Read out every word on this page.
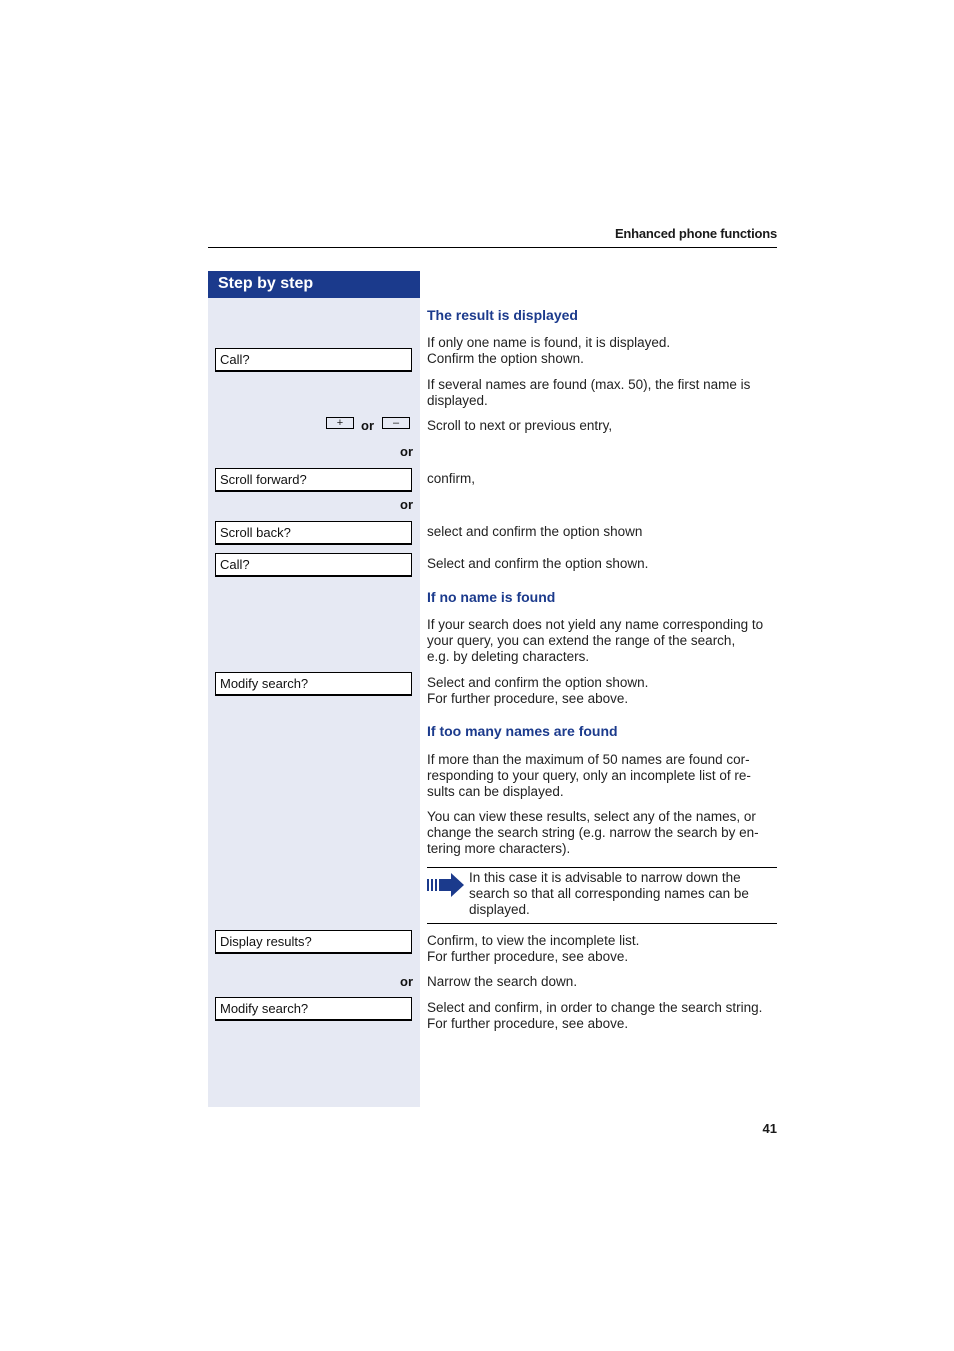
Enhanced phone functions
Step by step
Call?
+	or	–
or
Scroll forward?
or
Scroll back?
Call?
Modify search?
Display results?
or
Modify search?
The result is displayed
If only one name is found, it is displayed.
Confirm the option shown.
If several names are found (max. 50), the first name is
displayed.
Scroll to next or previous entry,
confirm,
select and confirm the option shown
Select and confirm the option shown.
If no name is found
If your search does not yield any name corresponding to
your query, you can extend the range of the search,
e.g. by deleting characters.
Select and confirm the option shown.
For further procedure, see above.
If too many names are found
If more than the maximum of 50 names are found cor-
responding to your query, only an incomplete list of re-
sults can be displayed.
You can view these results, select any of the names, or
change the search string (e.g. narrow the search by en-
tering more characters).
In this case it is advisable to narrow down the
search so that all corresponding names can be
displayed.
Confirm, to view the incomplete list.
For further procedure, see above.
Narrow the search down.
Select and confirm, in order to change the search string.
For further procedure, see above.
41
